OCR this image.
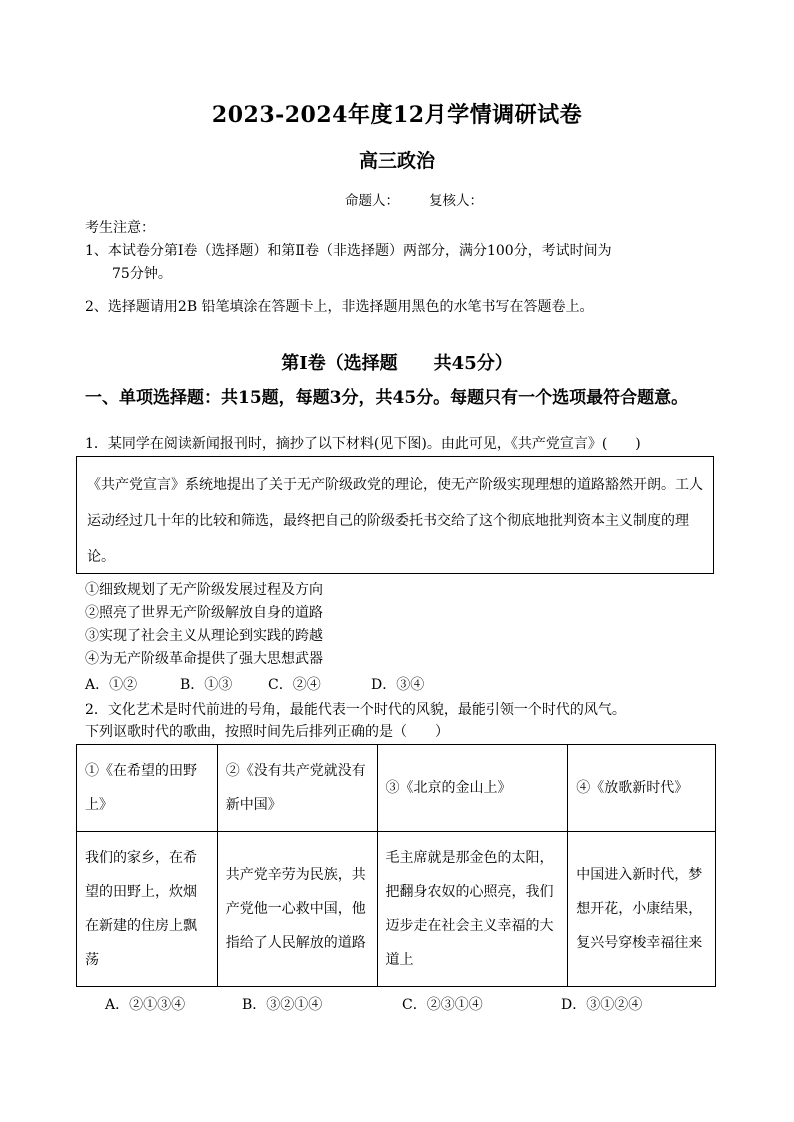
2023-2024年度12月学情调研试卷
高三政治
命题人： 复核人：
考生注意：
1、本试卷分第Ⅰ卷（选择题）和第Ⅱ卷（非选择题）两部分，满分100分，考试时间为
75分钟。
2、选择题请用2B 铅笔填涂在答题卡上，非选择题用黑色的水笔书写在答题卷上。
第Ⅰ卷（选择题　　共45分）
一、单项选择题：共15题，每题3分，共45分。每题只有一个选项最符合题意。
1．某同学在阅读新闻报刊时，摘抄了以下材料(见下图)。由此可见，《共产党宣言》(　　)
《共产党宣言》系统地提出了关于无产阶级政党的理论，使无产阶级实现理想的道路豁然开朗。工人运动经过几十年的比较和筛选，最终把自己的阶级委托书交给了这个彻底地批判资本主义制度的理论。
①细致规划了无产阶级发展过程及方向
②照亮了世界无产阶级解放自身的道路
③实现了社会主义从理论到实践的跨越
④为无产阶级革命提供了强大思想武器
A．①②	B．①③	C．②④	D．③④
2．文化艺术是时代前进的号角，最能代表一个时代的风貌，最能引领一个时代的风气。
下列讴歌时代的歌曲，按照时间先后排列正确的是（　　）
①《在希望的田野上》	②《没有共产党就没有新中国》	③《北京的金山上》	④《放歌新时代》
我们的家乡，在希望的田野上，炊烟在新建的住房上飘荡	共产党辛劳为民族，共产党他一心救中国，他指给了人民解放的道路	毛主席就是那金色的太阳，把翻身农奴的心照亮，我们迈步走在社会主义幸福的大道上	中国进入新时代，梦想开花，小康结果，复兴号穿梭幸福往来
A．②①③④	B．③②①④	C．②③①④	D．③①②④
